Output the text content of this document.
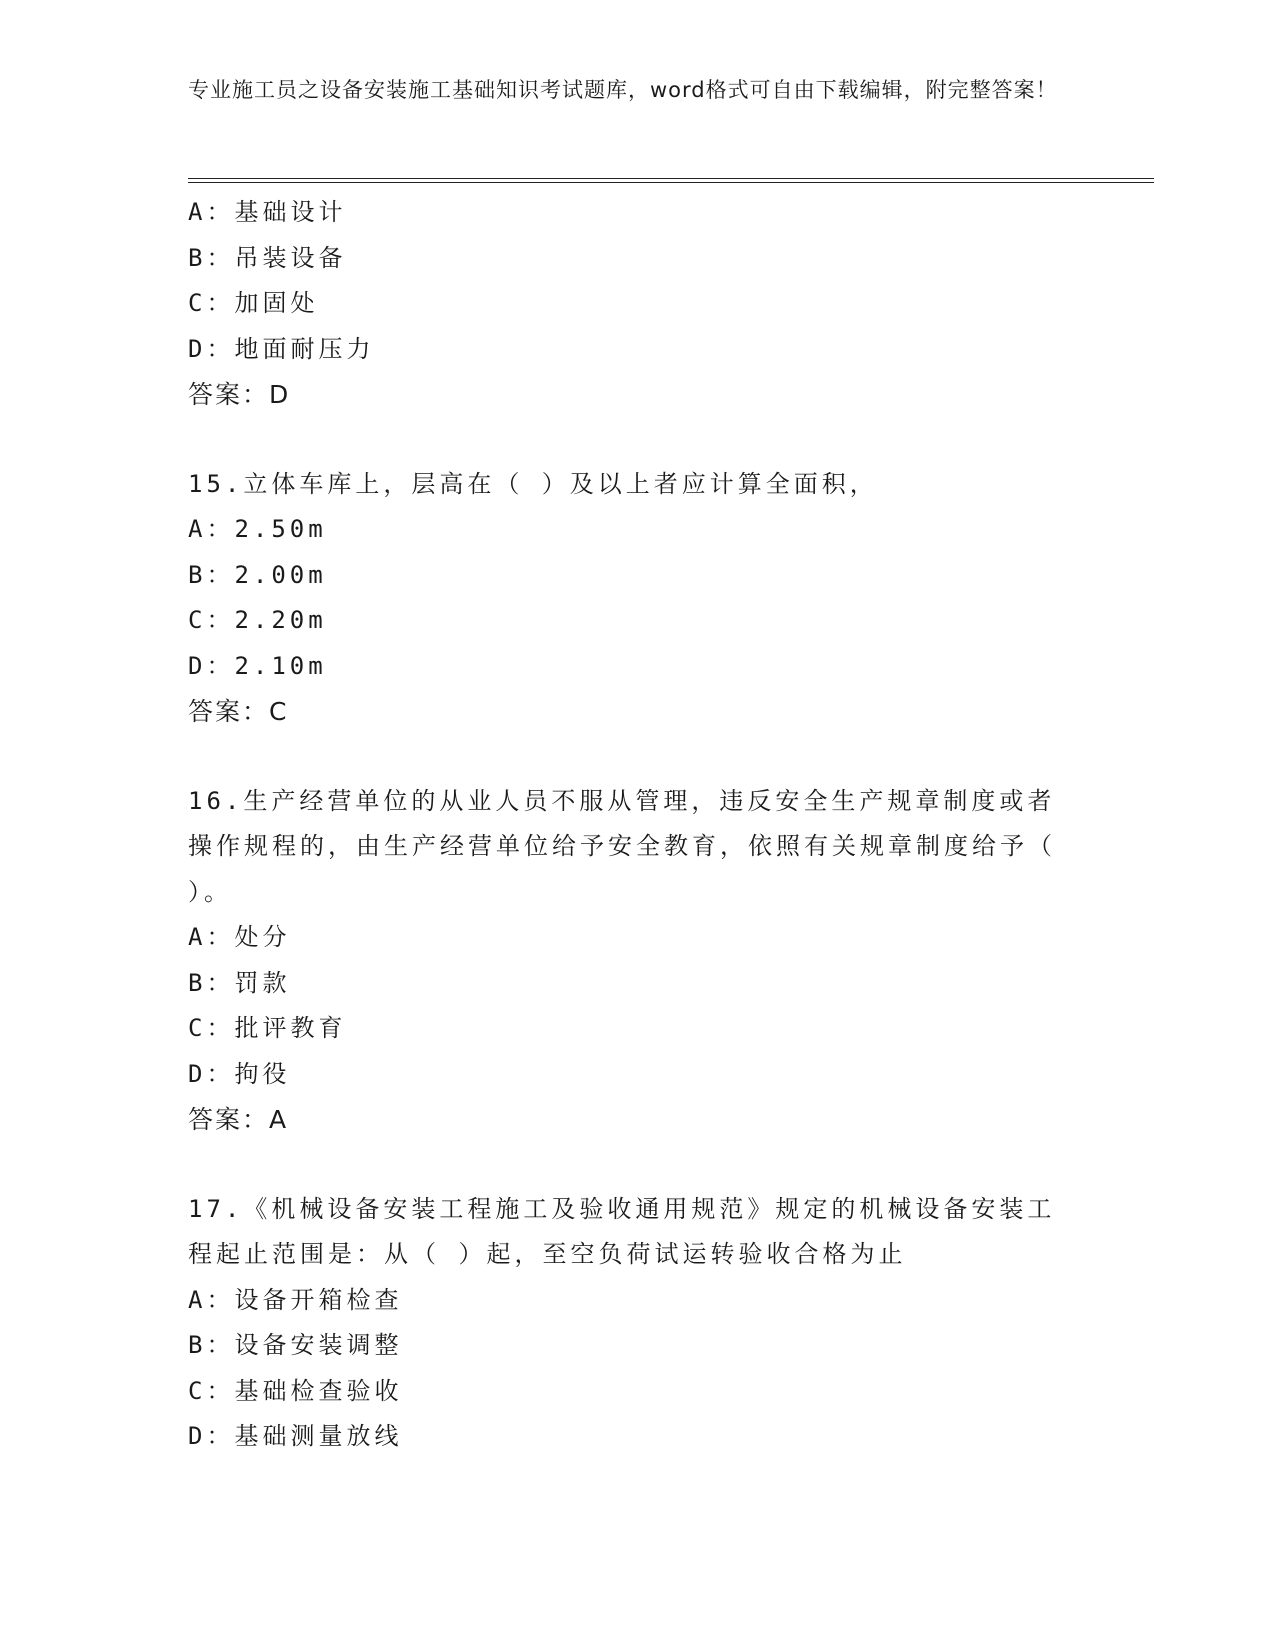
专业施工员之设备安装施工基础知识考试题库，word格式可自由下载编辑，附完整答案！
A：基础设计
B：吊装设备
C：加固处
D：地面耐压力
答案：D
15.立体车库上，层高在（ ）及以上者应计算全面积，
A：2.50m
B：2.00m
C：2.20m
D：2.10m
答案：C
16.生产经营单位的从业人员不服从管理，违反安全生产规章制度或者操作规程的，由生产经营单位给予安全教育，依照有关规章制度给予（ ）。
A：处分
B：罚款
C：批评教育
D：拘役
答案：A
17.《机械设备安装工程施工及验收通用规范》规定的机械设备安装工程起止范围是：从（ ）起，至空负荷试运转验收合格为止
A：设备开箱检查
B：设备安装调整
C：基础检查验收
D：基础测量放线
